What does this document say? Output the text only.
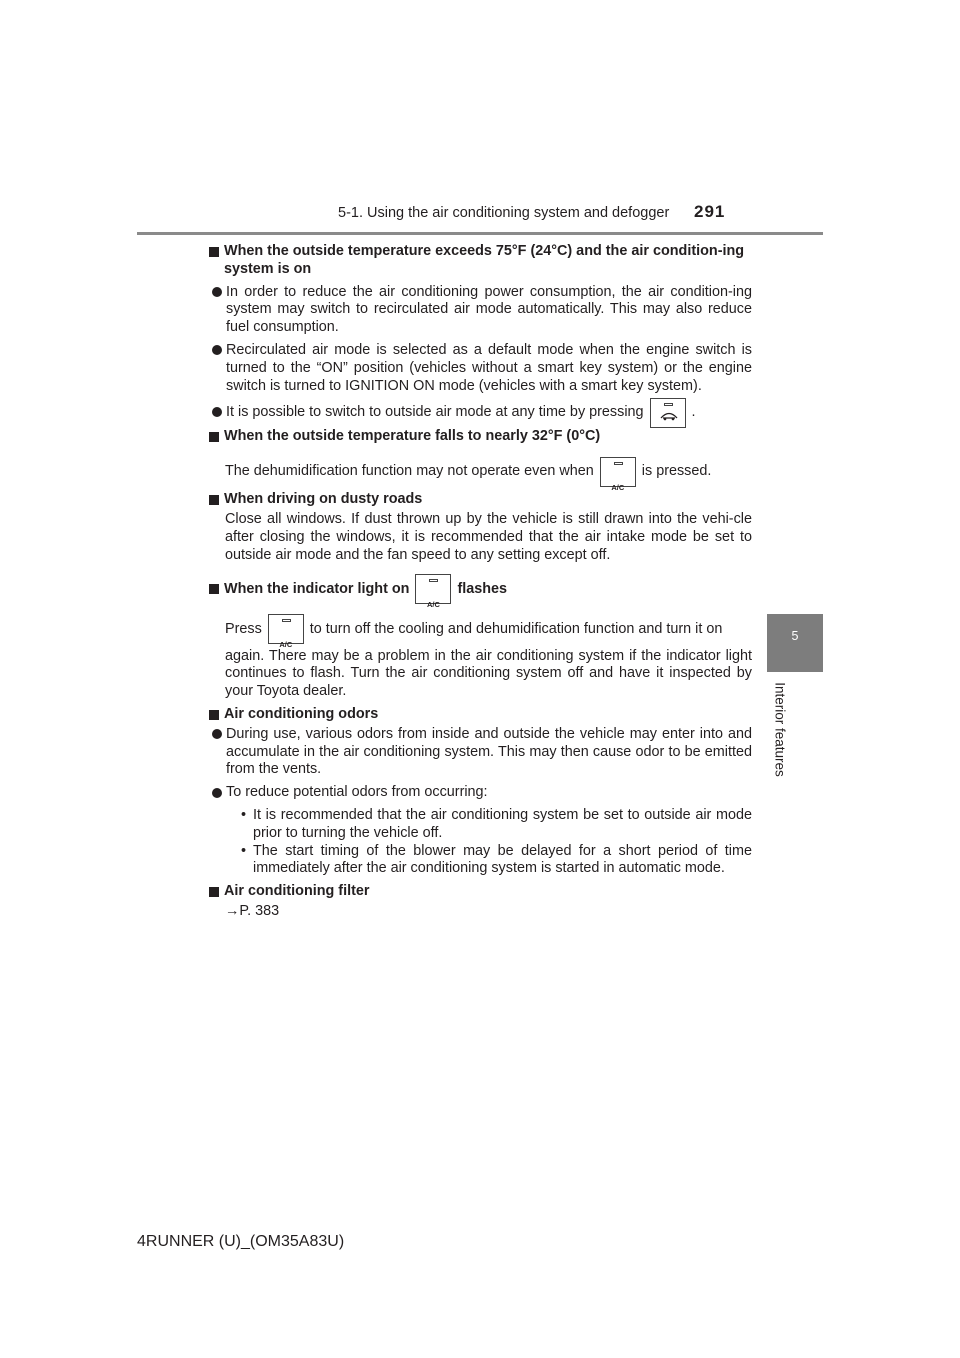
5-1. Using the air conditioning system and defogger 291
5
Interior features
When the outside temperature exceeds 75°F (24°C) and the air condition-ing system is on
In order to reduce the air conditioning power consumption, the air condition-ing system may switch to recirculated air mode automatically. This may also reduce fuel consumption.
Recirculated air mode is selected as a default mode when the engine switch is turned to the “ON” position (vehicles without a smart key system) or the engine switch is turned to IGNITION ON mode (vehicles with a smart key system).
It is possible to switch to outside air mode at any time by pressing	.
When the outside temperature falls to nearly 32°F (0°C)
The dehumidification function may not operate even when
A/C
is pressed.
When driving on dusty roads
Close all windows. If dust thrown up by the vehicle is still drawn into the vehi-cle after closing the windows, it is recommended that the air intake mode be set to outside air mode and the fan speed to any setting except off.
When the indicator light on
A/C
flashes
Press
A/C
to turn off the cooling and dehumidification function and turn it on
again. There may be a problem in the air conditioning system if the indicator light continues to flash. Turn the air conditioning system off and have it inspected by your Toyota dealer.
Air conditioning odors
During use, various odors from inside and outside the vehicle may enter into and accumulate in the air conditioning system. This may then cause odor to be emitted from the vents.
To reduce potential odors from occurring:
• It is recommended that the air conditioning system be set to outside air mode prior to turning the vehicle off.
• The start timing of the blower may be delayed for a short period of time immediately after the air conditioning system is started in automatic mode.
Air conditioning filter
→P. 383
4RUNNER (U)_(OM35A83U)
